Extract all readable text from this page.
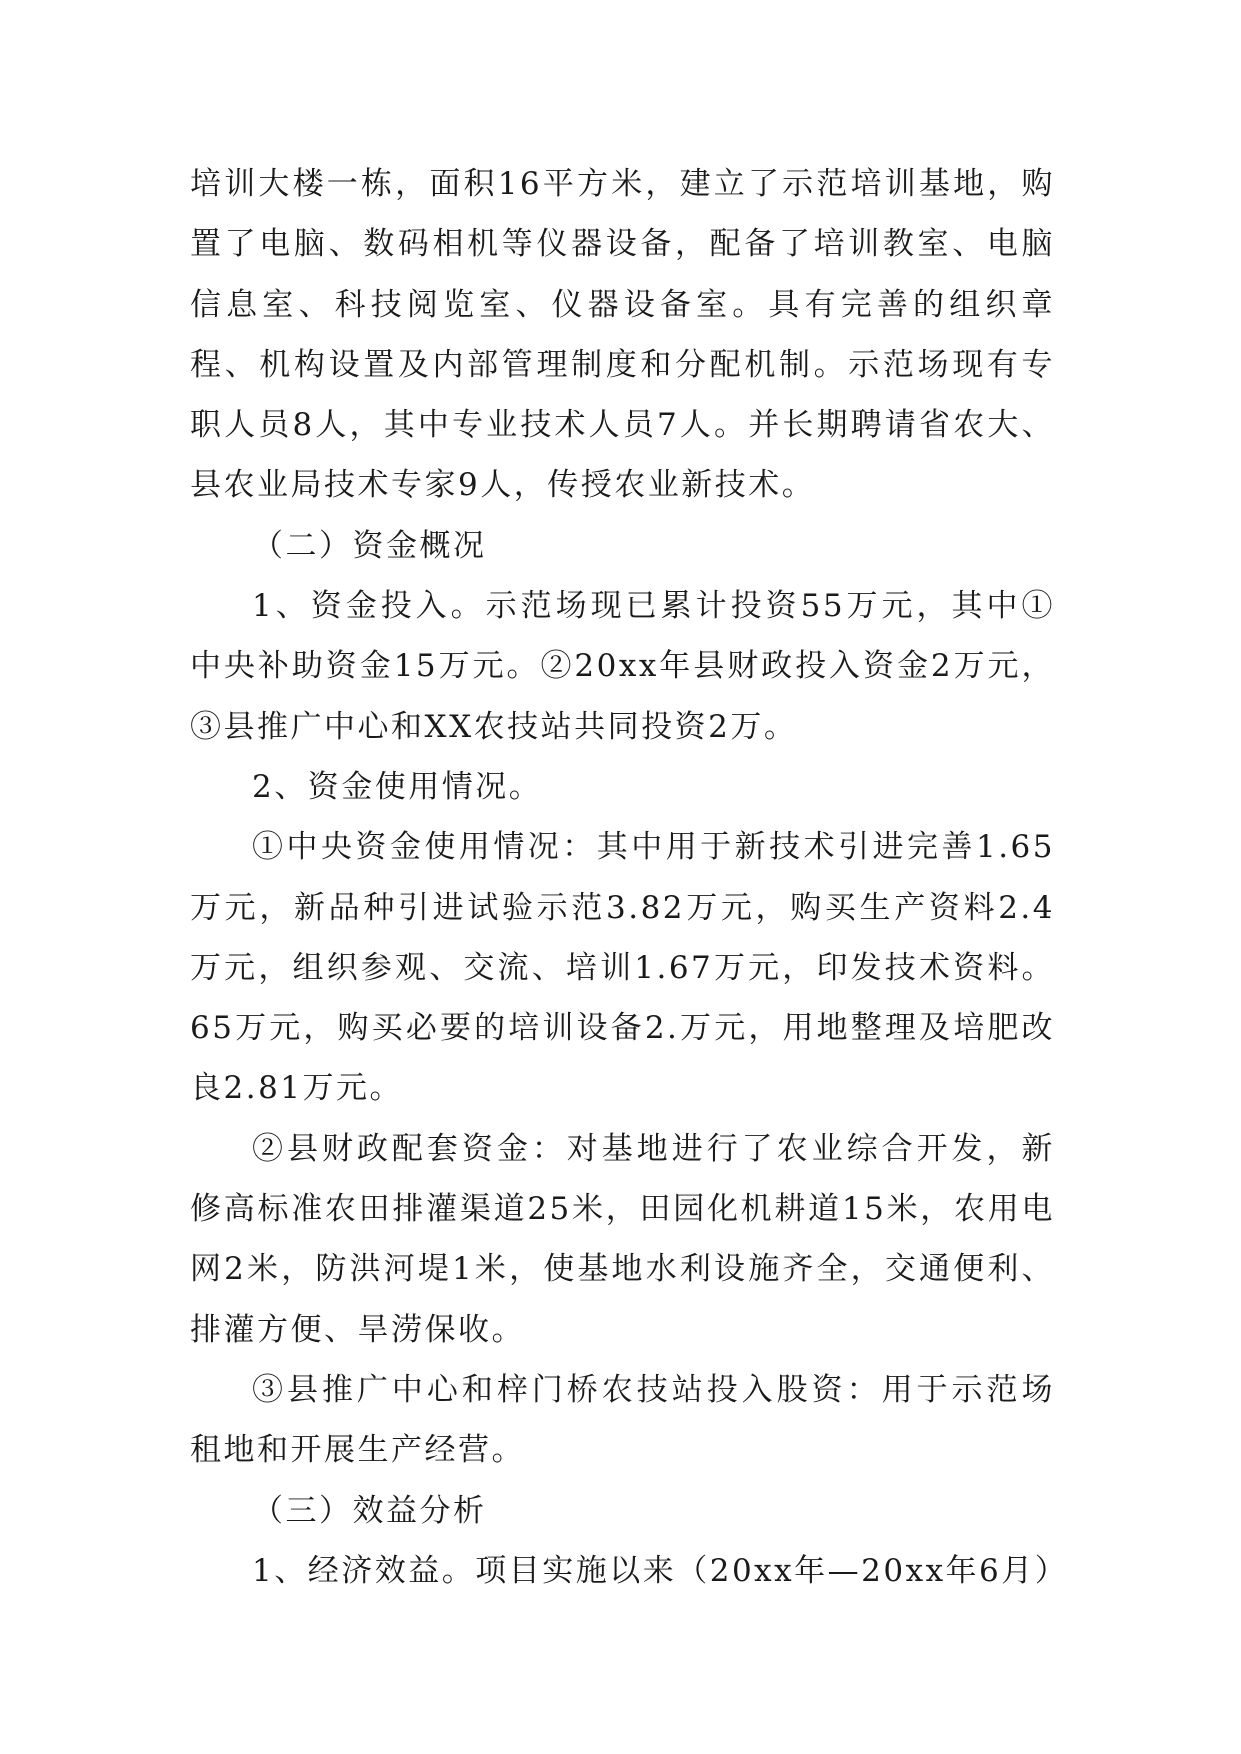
培训大楼一栋，面积16平方米，建立了示范培训基地，购置了电脑、数码相机等仪器设备，配备了培训教室、电脑信息室、科技阅览室、仪器设备室。具有完善的组织章程、机构设置及内部管理制度和分配机制。示范场现有专职人员8人，其中专业技术人员7人。并长期聘请省农大、县农业局技术专家9人，传授农业新技术。

（二）资金概况

1、资金投入。示范场现已累计投资55万元，其中①中央补助资金15万元。②20xx年县财政投入资金2万元，③县推广中心和XX农技站共同投资2万。

2、资金使用情况。

①中央资金使用情况：其中用于新技术引进完善1.65万元，新品种引进试验示范3.82万元，购买生产资料2.4万元，组织参观、交流、培训1.67万元，印发技术资料。65万元，购买必要的培训设备2.万元，用地整理及培肥改良2.81万元。

②县财政配套资金：对基地进行了农业综合开发，新修高标准农田排灌渠道25米，田园化机耕道15米，农用电网2米，防洪河堤1米，使基地水利设施齐全，交通便利、排灌方便、旱涝保收。

③县推广中心和梓门桥农技站投入股资：用于示范场租地和开展生产经营。

（三）效益分析

1、经济效益。项目实施以来（20xx年—20xx年6月）
